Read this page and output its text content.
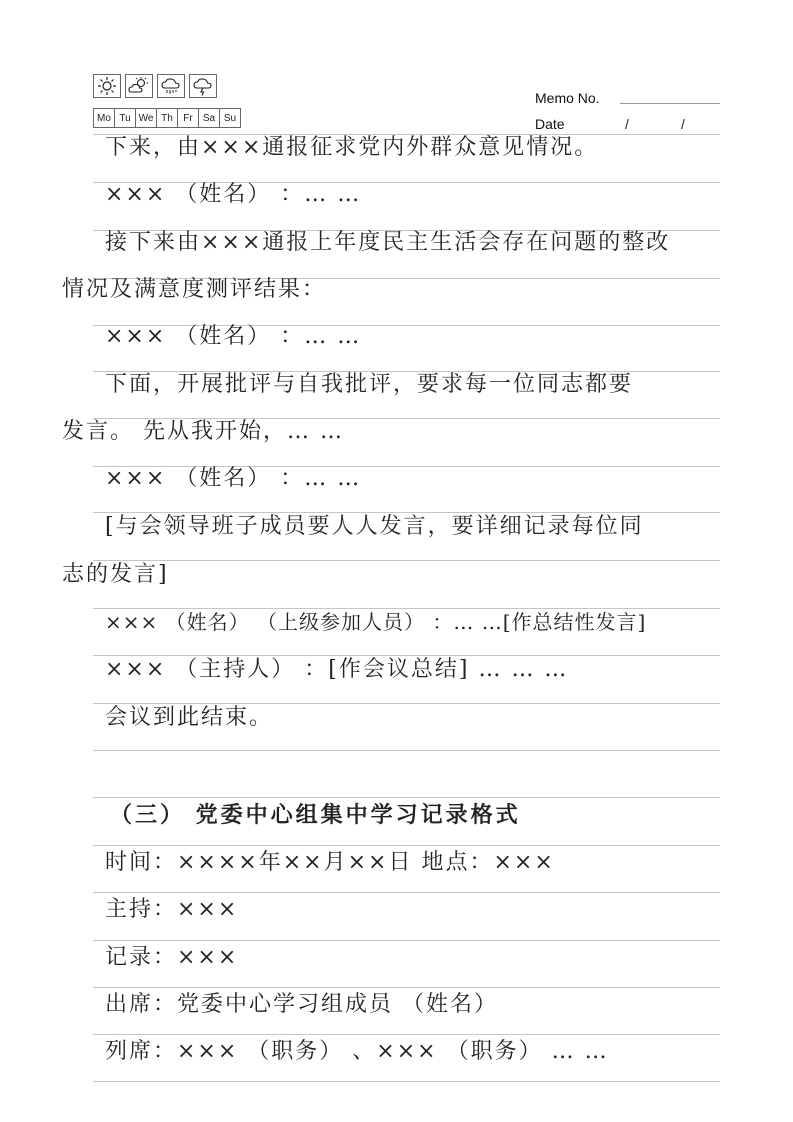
Mo Tu We Th	Fr	Sa Su
Memo No.
Date	/	/
下来，由×××通报征求党内外群众意见情况。
××× （姓名） ：… …
接下来由×××通报上年度民主生活会存在问题的整改
情况及满意度测评结果：
××× （姓名） ：… …
下面，开展批评与自我批评，要求每一位同志都要
发言。 先从我开始，… …
××× （姓名） ：… …
[与会领导班子成员要人人发言，要详细记录每位同
志的发言]
××× （姓名） （上级参加人员） ：… …[作总结性发言]
××× （主持人） ：[作会议总结] … … …
会议到此结束。
（三） 党委中心组集中学习记录格式
时间：××××年××月××日 地点：×××
主持：×××
记录：×××
出席：党委中心学习组成员 （姓名）
列席：××× （职务） 、××× （职务） … …
